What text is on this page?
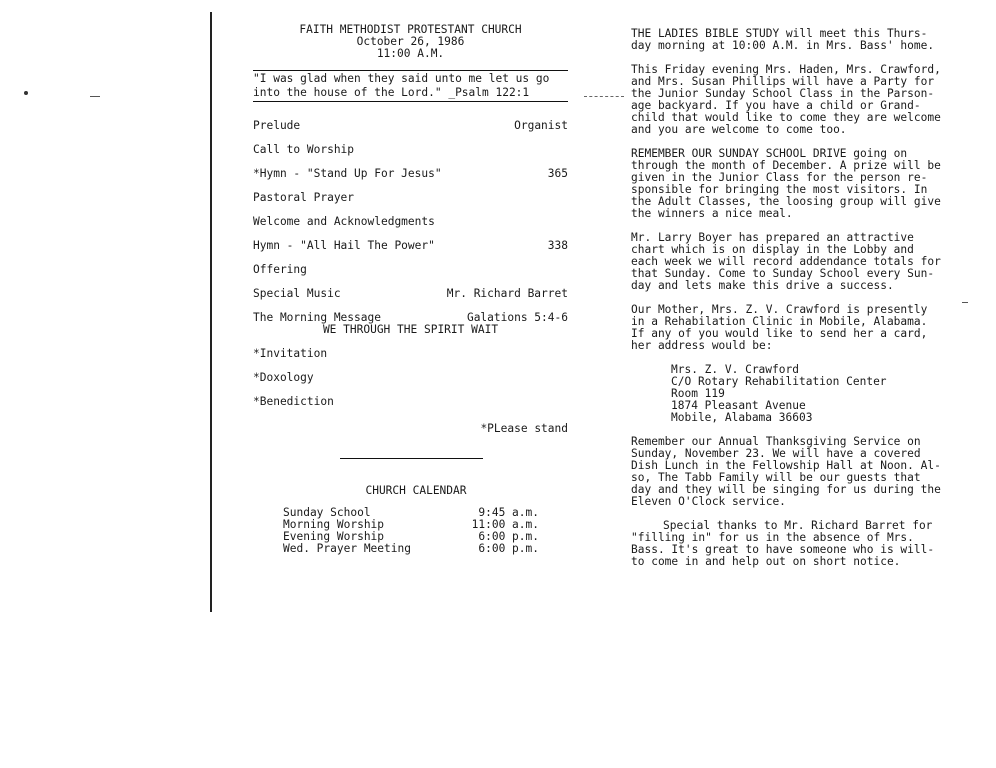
FAITH METHODIST PROTESTANT CHURCH
October 26, 1986
11:00 A.M.
"I was glad when they said unto me let us go
into the house of the Lord." _Psalm 122:1
Prelude	Organist
Call to Worship
*Hymn - "Stand Up For Jesus"	365
Pastoral Prayer
Welcome and Acknowledgments
Hymn - "All Hail The Power"	338
Offering
Special Music	Mr. Richard Barret
The Morning Message	Galations 5:4-6
WE THROUGH THE SPIRIT WAIT
*Invitation
*Doxology
*Benediction
*PLease stand
CHURCH CALENDAR
Sunday School	9:45 a.m.
Morning Worship	11:00 a.m.
Evening Worship	6:00 p.m.
Wed. Prayer Meeting	6:00 p.m.
THE LADIES BIBLE STUDY will meet this Thurs-
day morning at 10:00 A.M. in Mrs. Bass' home.
This Friday evening Mrs. Haden, Mrs. Crawford,
and Mrs. Susan Phillips will have a Party for
the Junior Sunday School Class in the Parson-
age backyard. If you have a child or Grand-
child that would like to come they are welcome
and you are welcome to come too.
REMEMBER OUR SUNDAY SCHOOL DRIVE going on
through the month of December. A prize will be
given in the Junior Class for the person re-
sponsible for bringing the most visitors. In
the Adult Classes, the loosing group will give
the winners a nice meal.
Mr. Larry Boyer has prepared an attractive
chart which is on display in the Lobby and
each week we will record addendance totals for
that Sunday. Come to Sunday School every Sun-
day and lets make this drive a success.
Our Mother, Mrs. Z. V. Crawford is presently
in a Rehabilation Clinic in Mobile, Alabama.
If any of you would like to send her a card,
her address would be:
Mrs. Z. V. Crawford
C/O Rotary Rehabilitation Center
Room 119
1874 Pleasant Avenue
Mobile, Alabama 36603
Remember our Annual Thanksgiving Service on
Sunday, November 23. We will have a covered
Dish Lunch in the Fellowship Hall at Noon. Al-
so, The Tabb Family will be our guests that
day and they will be singing for us during the
Eleven O'Clock service.
Special thanks to Mr. Richard Barret for
"filling in" for us in the absence of Mrs.
Bass. It's great to have someone who is will-
to come in and help out on short notice.
